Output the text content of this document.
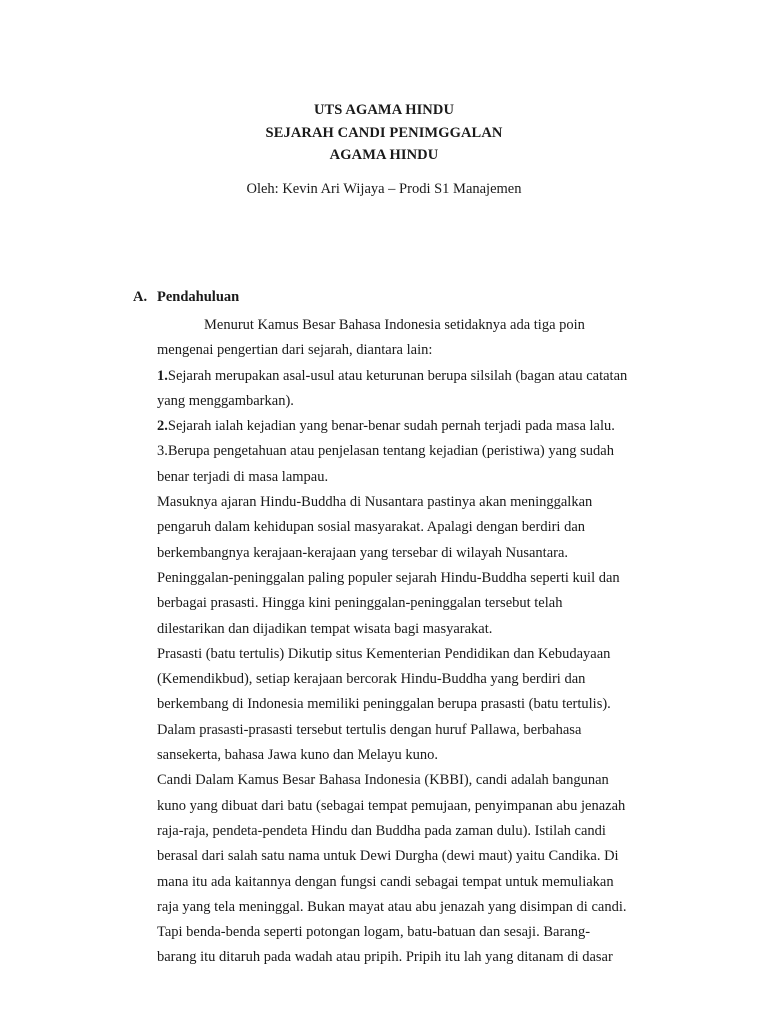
UTS AGAMA HINDU
SEJARAH CANDI PENIMGGALAN
AGAMA HINDU
Oleh: Kevin Ari Wijaya – Prodi S1 Manajemen
A. Pendahuluan
Menurut Kamus Besar Bahasa Indonesia setidaknya ada tiga poin
mengenai pengertian dari sejarah, diantara lain:
1.Sejarah merupakan asal-usul atau keturunan berupa silsilah (bagan atau catatan
yang menggambarkan).
2.Sejarah ialah kejadian yang benar-benar sudah pernah terjadi pada masa lalu.
3.Berupa pengetahuan atau penjelasan tentang kejadian (peristiwa) yang sudah
benar terjadi di masa lampau.
Masuknya ajaran Hindu-Buddha di Nusantara pastinya akan meninggalkan
pengaruh dalam kehidupan sosial masyarakat. Apalagi dengan berdiri dan
berkembangnya kerajaan-kerajaan yang tersebar di wilayah Nusantara.
Peninggalan-peninggalan paling populer sejarah Hindu-Buddha seperti kuil dan
berbagai prasasti. Hingga kini peninggalan-peninggalan tersebut telah
dilestarikan dan dijadikan tempat wisata bagi masyarakat.
Prasasti (batu tertulis) Dikutip situs Kementerian Pendidikan dan Kebudayaan
(Kemendikbud), setiap kerajaan bercorak Hindu-Buddha yang berdiri dan
berkembang di Indonesia memiliki peninggalan berupa prasasti (batu tertulis).
Dalam prasasti-prasasti tersebut tertulis dengan huruf Pallawa, berbahasa
sansekerta, bahasa Jawa kuno dan Melayu kuno.
Candi Dalam Kamus Besar Bahasa Indonesia (KBBI), candi adalah bangunan
kuno yang dibuat dari batu (sebagai tempat pemujaan, penyimpanan abu jenazah
raja-raja, pendeta-pendeta Hindu dan Buddha pada zaman dulu). Istilah candi
berasal dari salah satu nama untuk Dewi Durgha (dewi maut) yaitu Candika. Di
mana itu ada kaitannya dengan fungsi candi sebagai tempat untuk memuliakan
raja yang tela meninggal. Bukan mayat atau abu jenazah yang disimpan di candi.
Tapi benda-benda seperti potongan logam, batu-batuan dan sesaji. Barang-
barang itu ditaruh pada wadah atau pripih. Pripih itu lah yang ditanam di dasar
